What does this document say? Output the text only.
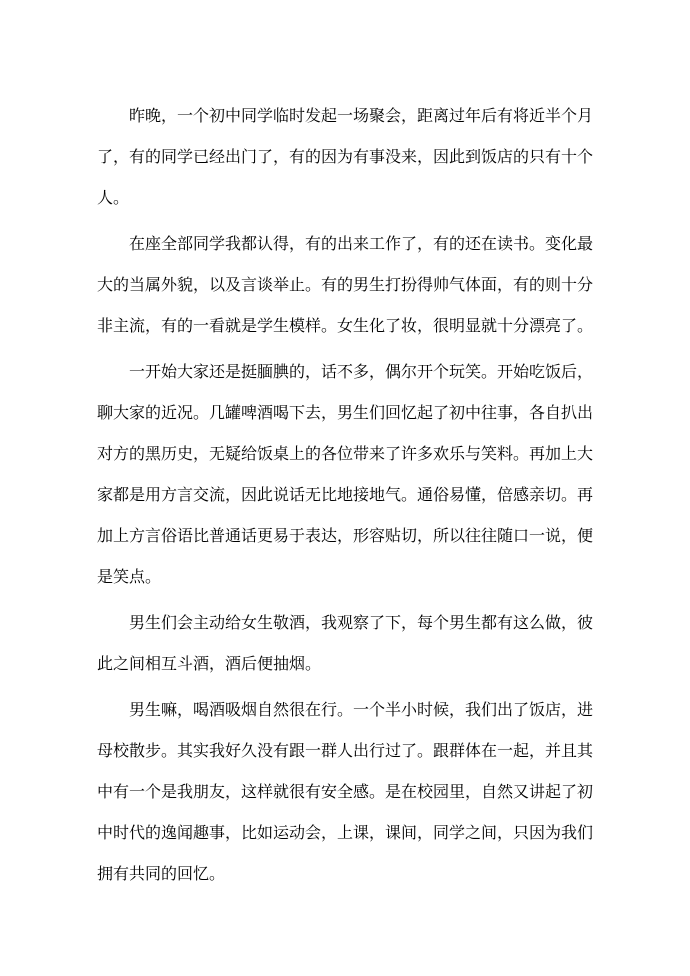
昨晚，一个初中同学临时发起一场聚会，距离过年后有将近半个月了，有的同学已经出门了，有的因为有事没来，因此到饭店的只有十个人。

在座全部同学我都认得，有的出来工作了，有的还在读书。变化最大的当属外貌，以及言谈举止。有的男生打扮得帅气体面，有的则十分非主流，有的一看就是学生模样。女生化了妆，很明显就十分漂亮了。

一开始大家还是挺腼腆的，话不多，偶尔开个玩笑。开始吃饭后，聊大家的近况。几罐啤酒喝下去，男生们回忆起了初中往事，各自扒出对方的黑历史，无疑给饭桌上的各位带来了许多欢乐与笑料。再加上大家都是用方言交流，因此说话无比地接地气。通俗易懂，倍感亲切。再加上方言俗语比普通话更易于表达，形容贴切，所以往往随口一说，便是笑点。

男生们会主动给女生敬酒，我观察了下，每个男生都有这么做，彼此之间相互斗酒，酒后便抽烟。

男生嘛，喝酒吸烟自然很在行。一个半小时候，我们出了饭店，进母校散步。其实我好久没有跟一群人出行过了。跟群体在一起，并且其中有一个是我朋友，这样就很有安全感。是在校园里，自然又讲起了初中时代的逸闻趣事，比如运动会，上课，课间，同学之间，只因为我们拥有共同的回忆。
